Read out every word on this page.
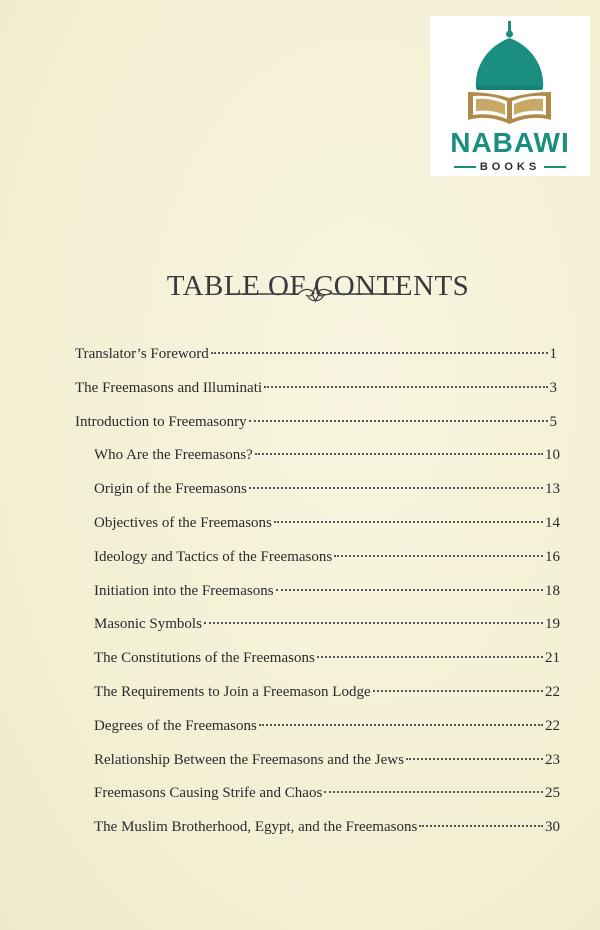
NABAWI
BOOKS
TABLE OF CONTENTS
Translator’s Foreword	1
The Freemasons and Illuminati	3
Introduction to Freemasonry	5
Who Are the Freemasons?	10
Origin of the Freemasons	13
Objectives of the Freemasons	14
Ideology and Tactics of the Freemasons	16
Initiation into the Freemasons	18
Masonic Symbols	19
The Constitutions of the Freemasons	21
The Requirements to Join a Freemason Lodge	22
Degrees of the Freemasons	22
Relationship Between the Freemasons and the Jews	23
Freemasons Causing Strife and Chaos	25
The Muslim Brotherhood, Egypt, and the Freemasons	30
